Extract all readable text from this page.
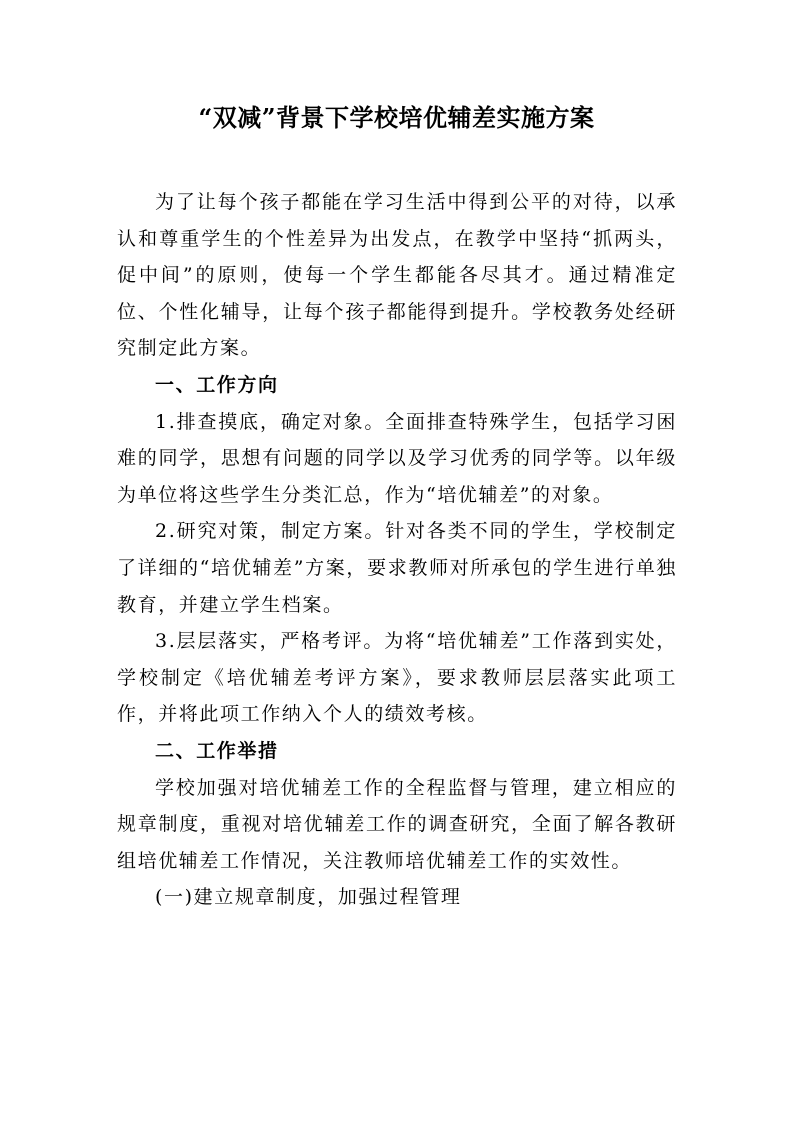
“双减”背景下学校培优辅差实施方案

为了让每个孩子都能在学习生活中得到公平的对待，以承认和尊重学生的个性差异为出发点，在教学中坚持“抓两头，促中间”的原则，使每一个学生都能各尽其才。通过精准定位、个性化辅导，让每个孩子都能得到提升。学校教务处经研究制定此方案。

一、工作方向

1.排查摸底，确定对象。全面排查特殊学生，包括学习困难的同学，思想有问题的同学以及学习优秀的同学等。以年级为单位将这些学生分类汇总，作为“培优辅差”的对象。

2.研究对策，制定方案。针对各类不同的学生，学校制定了详细的“培优辅差”方案，要求教师对所承包的学生进行单独教育，并建立学生档案。

3.层层落实，严格考评。为将“培优辅差”工作落到实处，学校制定《培优辅差考评方案》，要求教师层层落实此项工作，并将此项工作纳入个人的绩效考核。

二、工作举措

学校加强对培优辅差工作的全程监督与管理，建立相应的规章制度，重视对培优辅差工作的调查研究，全面了解各教研组培优辅差工作情况，关注教师培优辅差工作的实效性。

(一)建立规章制度，加强过程管理
